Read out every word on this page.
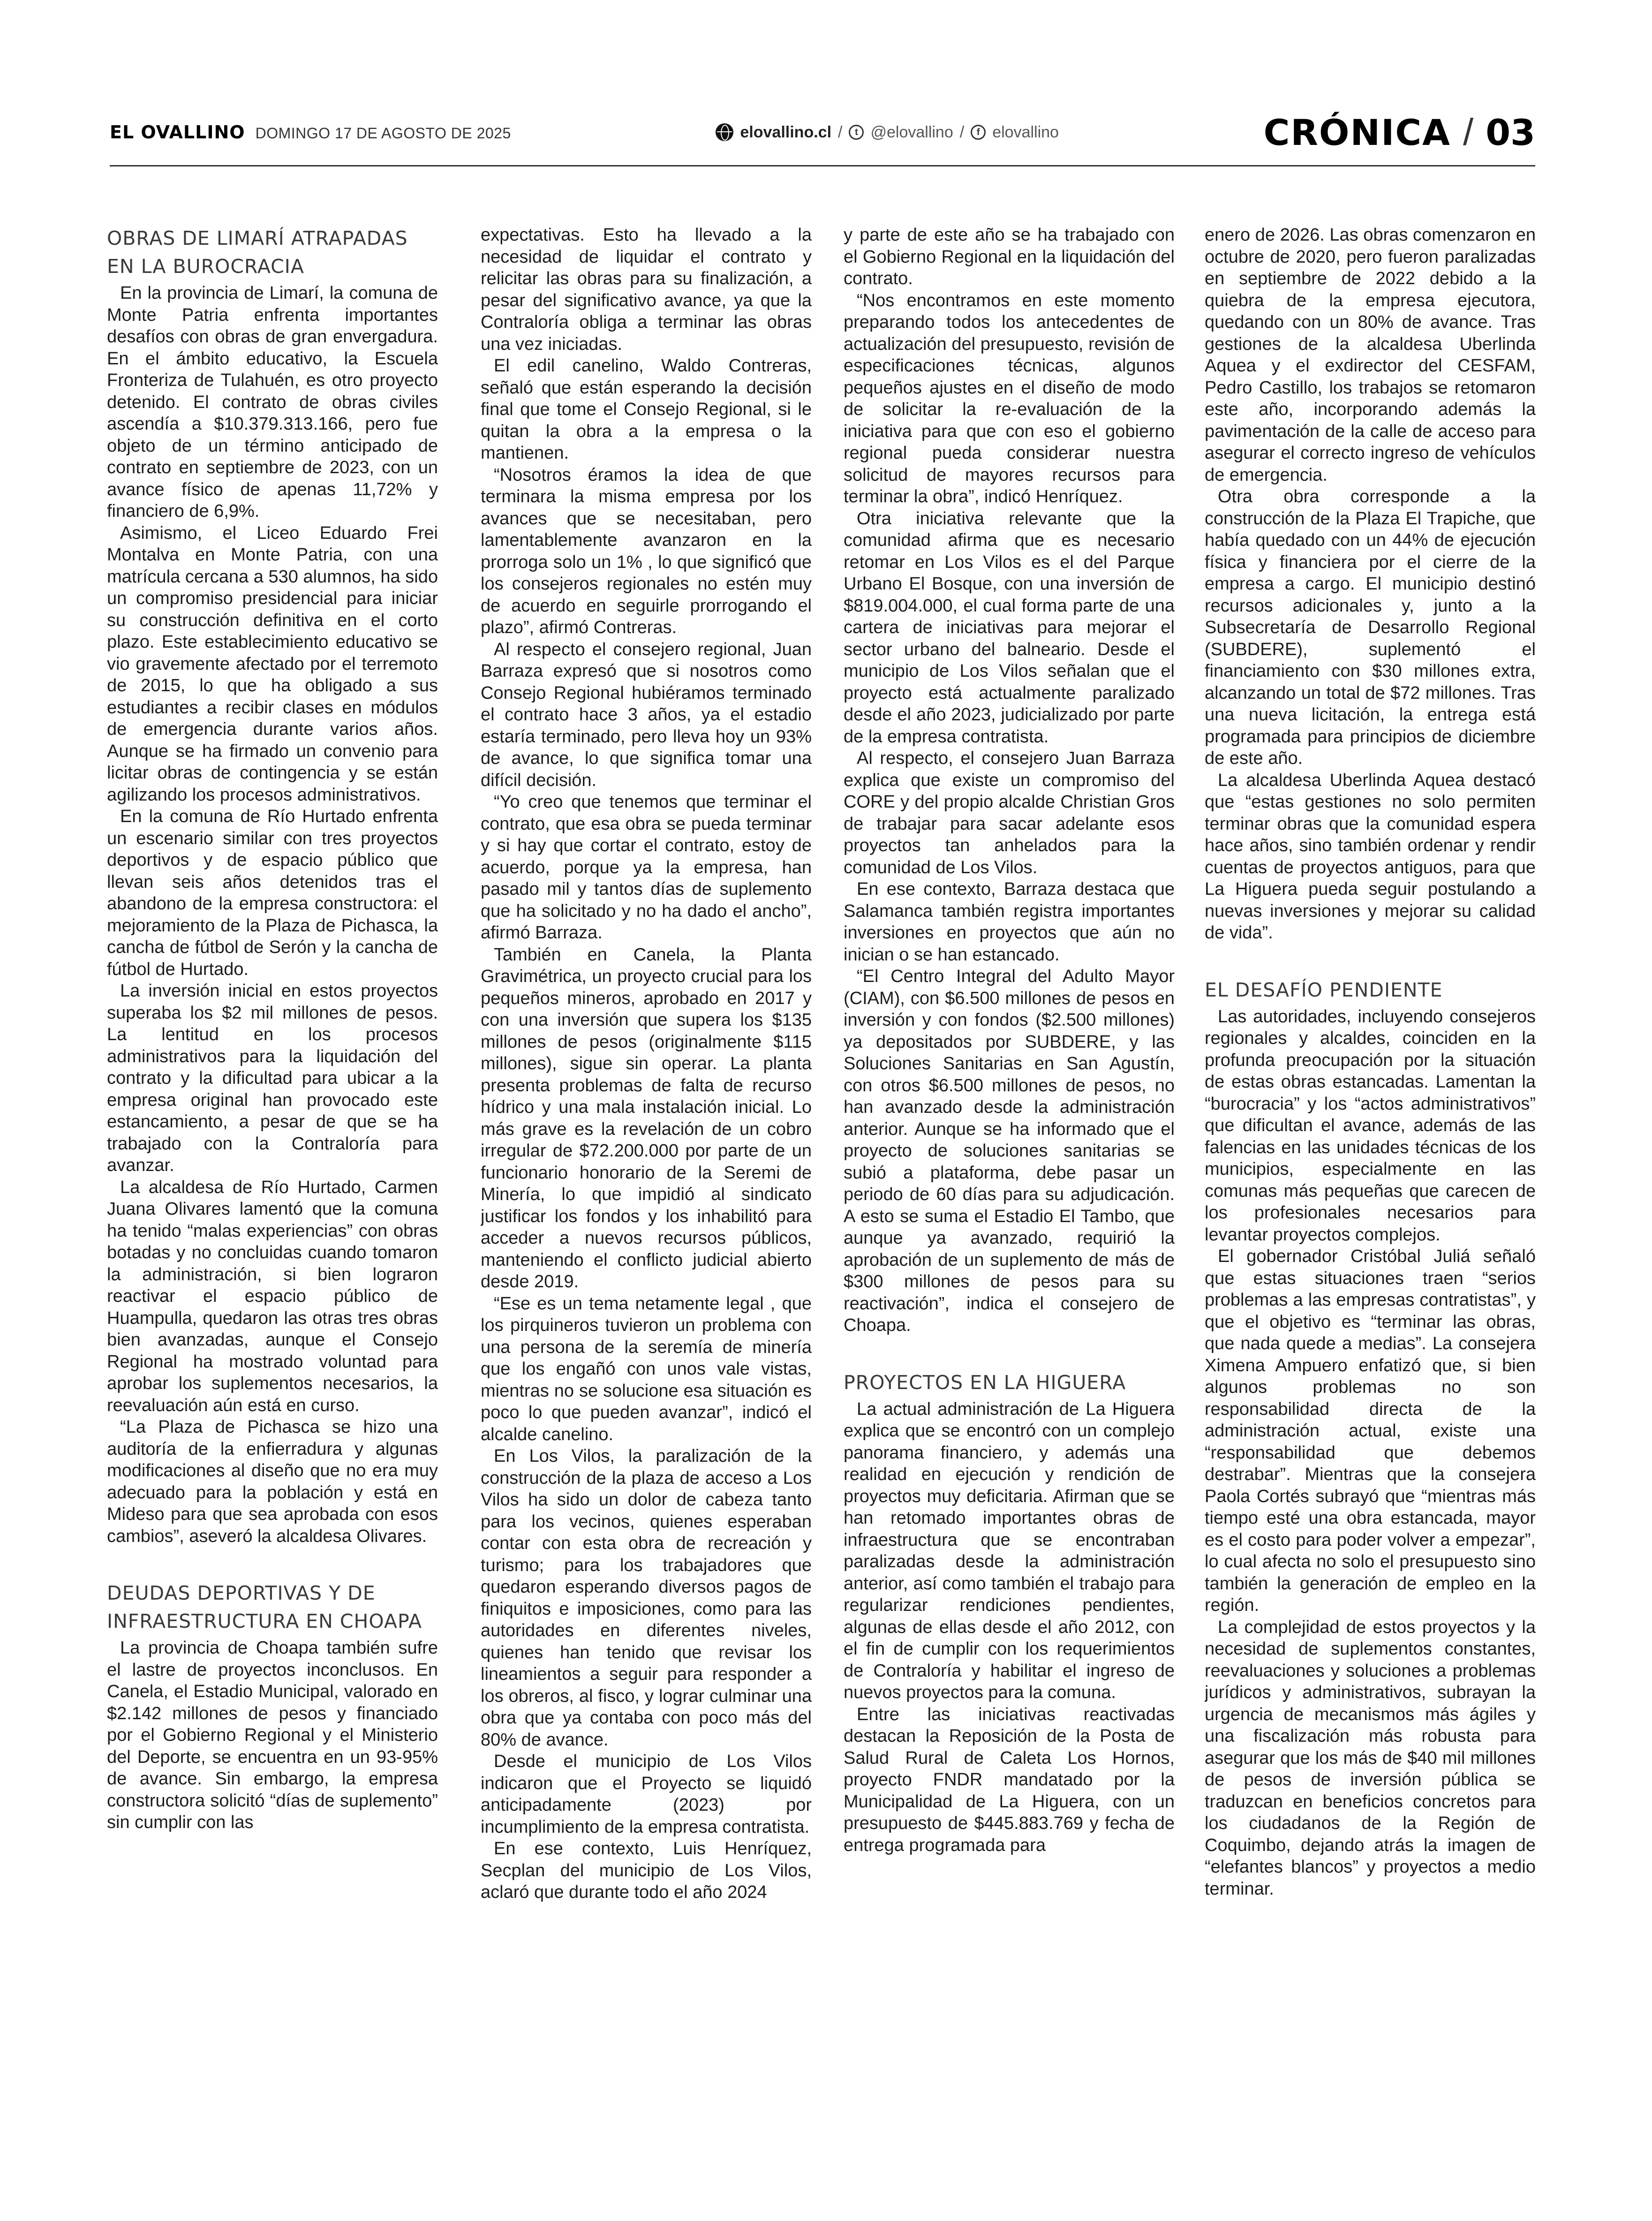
EL OVALLINO DOMINGO 17 DE AGOSTO DE 2025	elovallino.cl /	t @elovallino /	f elovallino	CRÓNICA / 03
OBRAS DE LIMARÍ ATRAPADAS EN LA BUROCRACIA

En la provincia de Limarí, la comuna de Monte Patria enfrenta importantes desafíos con obras de gran envergadura. En el ámbito educativo, la Escuela Fronteriza de Tulahuén, es otro proyecto detenido. El contrato de obras civiles ascendía a $10.379.313.166, pero fue objeto de un término anticipado de contrato en septiembre de 2023, con un avance físico de apenas 11,72% y financiero de 6,9%.

Asimismo, el Liceo Eduardo Frei Montalva en Monte Patria, con una matrícula cercana a 530 alumnos, ha sido un compromiso presidencial para iniciar su construcción definitiva en el corto plazo. Este establecimiento educativo se vio gravemente afectado por el terremoto de 2015, lo que ha obligado a sus estudiantes a recibir clases en módulos de emergencia durante varios años. Aunque se ha firmado un convenio para licitar obras de contingencia y se están agilizando los procesos administrativos.

En la comuna de Río Hurtado enfrenta un escenario similar con tres proyectos deportivos y de espacio público que llevan seis años detenidos tras el abandono de la empresa constructora: el mejoramiento de la Plaza de Pichasca, la cancha de fútbol de Serón y la cancha de fútbol de Hurtado.

La inversión inicial en estos proyectos superaba los $2 mil millones de pesos. La lentitud en los procesos administrativos para la liquidación del contrato y la dificultad para ubicar a la empresa original han provocado este estancamiento, a pesar de que se ha trabajado con la Contraloría para avanzar.

La alcaldesa de Río Hurtado, Carmen Juana Olivares lamentó que la comuna ha tenido “malas experiencias” con obras botadas y no concluidas cuando tomaron la administración, si bien lograron reactivar el espacio público de Huampulla, quedaron las otras tres obras bien avanzadas, aunque el Consejo Regional ha mostrado voluntad para aprobar los suplementos necesarios, la reevaluación aún está en curso.

“La Plaza de Pichasca se hizo una auditoría de la enfierradura y algunas modificaciones al diseño que no era muy adecuado para la población y está en Mideso para que sea aprobada con esos cambios”, aseveró la alcaldesa Olivares.

DEUDAS DEPORTIVAS Y DE INFRAESTRUCTURA EN CHOAPA

La provincia de Choapa también sufre el lastre de proyectos inconclusos. En Canela, el Estadio Municipal, valorado en $2.142 millones de pesos y financiado por el Gobierno Regional y el Ministerio del Deporte, se encuentra en un 93-95% de avance. Sin embargo, la empresa constructora solicitó “días de suplemento” sin cumplir con las

expectativas. Esto ha llevado a la necesidad de liquidar el contrato y relicitar las obras para su finalización, a pesar del significativo avance, ya que la Contraloría obliga a terminar las obras una vez iniciadas.

El edil canelino, Waldo Contreras, señaló que están esperando la decisión final que tome el Consejo Regional, si le quitan la obra a la empresa o la mantienen.

“Nosotros éramos la idea de que terminara la misma empresa por los avances que se necesitaban, pero lamentablemente avanzaron en la prorroga solo un 1% , lo que significó que los consejeros regionales no estén muy de acuerdo en seguirle prorrogando el plazo”, afirmó Contreras.

Al respecto el consejero regional, Juan Barraza expresó que si nosotros como Consejo Regional hubiéramos terminado el contrato hace 3 años, ya el estadio estaría terminado, pero lleva hoy un 93% de avance, lo que significa tomar una difícil decisión.

“Yo creo que tenemos que terminar el contrato, que esa obra se pueda terminar y si hay que cortar el contrato, estoy de acuerdo, porque ya la empresa, han pasado mil y tantos días de suplemento que ha solicitado y no ha dado el ancho”, afirmó Barraza.

También en Canela, la Planta Gravimétrica, un proyecto crucial para los pequeños mineros, aprobado en 2017 y con una inversión que supera los $135 millones de pesos (originalmente $115 millones), sigue sin operar. La planta presenta problemas de falta de recurso hídrico y una mala instalación inicial. Lo más grave es la revelación de un cobro irregular de $72.200.000 por parte de un funcionario honorario de la Seremi de Minería, lo que impidió al sindicato justificar los fondos y los inhabilitó para acceder a nuevos recursos públicos, manteniendo el conflicto judicial abierto desde 2019.

“Ese es un tema netamente legal , que los pirquineros tuvieron un problema con una persona de la seremía de minería que los engañó con unos vale vistas, mientras no se solucione esa situación es poco lo que pueden avanzar”, indicó el alcalde canelino.

En Los Vilos, la paralización de la construcción de la plaza de acceso a Los Vilos ha sido un dolor de cabeza tanto para los vecinos, quienes esperaban contar con esta obra de recreación y turismo; para los trabajadores que quedaron esperando diversos pagos de finiquitos e imposiciones, como para las autoridades en diferentes niveles, quienes han tenido que revisar los lineamientos a seguir para responder a los obreros, al fisco, y lograr culminar una obra que ya contaba con poco más del 80% de avance.

Desde el municipio de Los Vilos indicaron que el Proyecto se liquidó anticipadamente (2023) por incumplimiento de la empresa contratista.

En ese contexto, Luis Henríquez, Secplan del municipio de Los Vilos, aclaró que durante todo el año 2024

y parte de este año se ha trabajado con el Gobierno Regional en la liquidación del contrato.

“Nos encontramos en este momento preparando todos los antecedentes de actualización del presupuesto, revisión de especificaciones técnicas, algunos pequeños ajustes en el diseño de modo de solicitar la re-evaluación de la iniciativa para que con eso el gobierno regional pueda considerar nuestra solicitud de mayores recursos para terminar la obra”, indicó Henríquez.

Otra iniciativa relevante que la comunidad afirma que es necesario retomar en Los Vilos es el del Parque Urbano El Bosque, con una inversión de $819.004.000, el cual forma parte de una cartera de iniciativas para mejorar el sector urbano del balneario. Desde el municipio de Los Vilos señalan que el proyecto está actualmente paralizado desde el año 2023, judicializado por parte de la empresa contratista.

Al respecto, el consejero Juan Barraza explica que existe un compromiso del CORE y del propio alcalde Christian Gros de trabajar para sacar adelante esos proyectos tan anhelados para la comunidad de Los Vilos.

En ese contexto, Barraza destaca que Salamanca también registra importantes inversiones en proyectos que aún no inician o se han estancado.

“El Centro Integral del Adulto Mayor (CIAM), con $6.500 millones de pesos en inversión y con fondos ($2.500 millones) ya depositados por SUBDERE, y las Soluciones Sanitarias en San Agustín, con otros $6.500 millones de pesos, no han avanzado desde la administración anterior. Aunque se ha informado que el proyecto de soluciones sanitarias se subió a plataforma, debe pasar un periodo de 60 días para su adjudicación. A esto se suma el Estadio El Tambo, que aunque ya avanzado, requirió la aprobación de un suplemento de más de $300 millones de pesos para su reactivación”, indica el consejero de Choapa.

PROYECTOS EN LA HIGUERA

La actual administración de La Higuera explica que se encontró con un complejo panorama financiero, y además una realidad en ejecución y rendición de proyectos muy deficitaria. Afirman que se han retomado importantes obras de infraestructura que se encontraban paralizadas desde la administración anterior, así como también el trabajo para regularizar rendiciones pendientes, algunas de ellas desde el año 2012, con el fin de cumplir con los requerimientos de Contraloría y habilitar el ingreso de nuevos proyectos para la comuna.

Entre las iniciativas reactivadas destacan la Reposición de la Posta de Salud Rural de Caleta Los Hornos, proyecto FNDR mandatado por la Municipalidad de La Higuera, con un presupuesto de $445.883.769 y fecha de entrega programada para

enero de 2026. Las obras comenzaron en octubre de 2020, pero fueron paralizadas en septiembre de 2022 debido a la quiebra de la empresa ejecutora, quedando con un 80% de avance. Tras gestiones de la alcaldesa Uberlinda Aquea y el exdirector del CESFAM, Pedro Castillo, los trabajos se retomaron este año, incorporando además la pavimentación de la calle de acceso para asegurar el correcto ingreso de vehículos de emergencia.

Otra obra corresponde a la construcción de la Plaza El Trapiche, que había quedado con un 44% de ejecución física y financiera por el cierre de la empresa a cargo. El municipio destinó recursos adicionales y, junto a la Subsecretaría de Desarrollo Regional (SUBDERE), suplementó el financiamiento con $30 millones extra, alcanzando un total de $72 millones. Tras una nueva licitación, la entrega está programada para principios de diciembre de este año.

La alcaldesa Uberlinda Aquea destacó que “estas gestiones no solo permiten terminar obras que la comunidad espera hace años, sino también ordenar y rendir cuentas de proyectos antiguos, para que La Higuera pueda seguir postulando a nuevas inversiones y mejorar su calidad de vida”.

EL DESAFÍO PENDIENTE

Las autoridades, incluyendo consejeros regionales y alcaldes, coinciden en la profunda preocupación por la situación de estas obras estancadas. Lamentan la “burocracia” y los “actos administrativos” que dificultan el avance, además de las falencias en las unidades técnicas de los municipios, especialmente en las comunas más pequeñas que carecen de los profesionales necesarios para levantar proyectos complejos.

El gobernador Cristóbal Juliá señaló que estas situaciones traen “serios problemas a las empresas contratistas”, y que el objetivo es “terminar las obras, que nada quede a medias”. La consejera Ximena Ampuero enfatizó que, si bien algunos problemas no son responsabilidad directa de la administración actual, existe una “responsabilidad que debemos destrabar”. Mientras que la consejera Paola Cortés subrayó que “mientras más tiempo esté una obra estancada, mayor es el costo para poder volver a empezar”, lo cual afecta no solo el presupuesto sino también la generación de empleo en la región.

La complejidad de estos proyectos y la necesidad de suplementos constantes, reevaluaciones y soluciones a problemas jurídicos y administrativos, subrayan la urgencia de mecanismos más ágiles y una fiscalización más robusta para asegurar que los más de $40 mil millones de pesos de inversión pública se traduzcan en beneficios concretos para los ciudadanos de la Región de Coquimbo, dejando atrás la imagen de “elefantes blancos” y proyectos a medio terminar.
